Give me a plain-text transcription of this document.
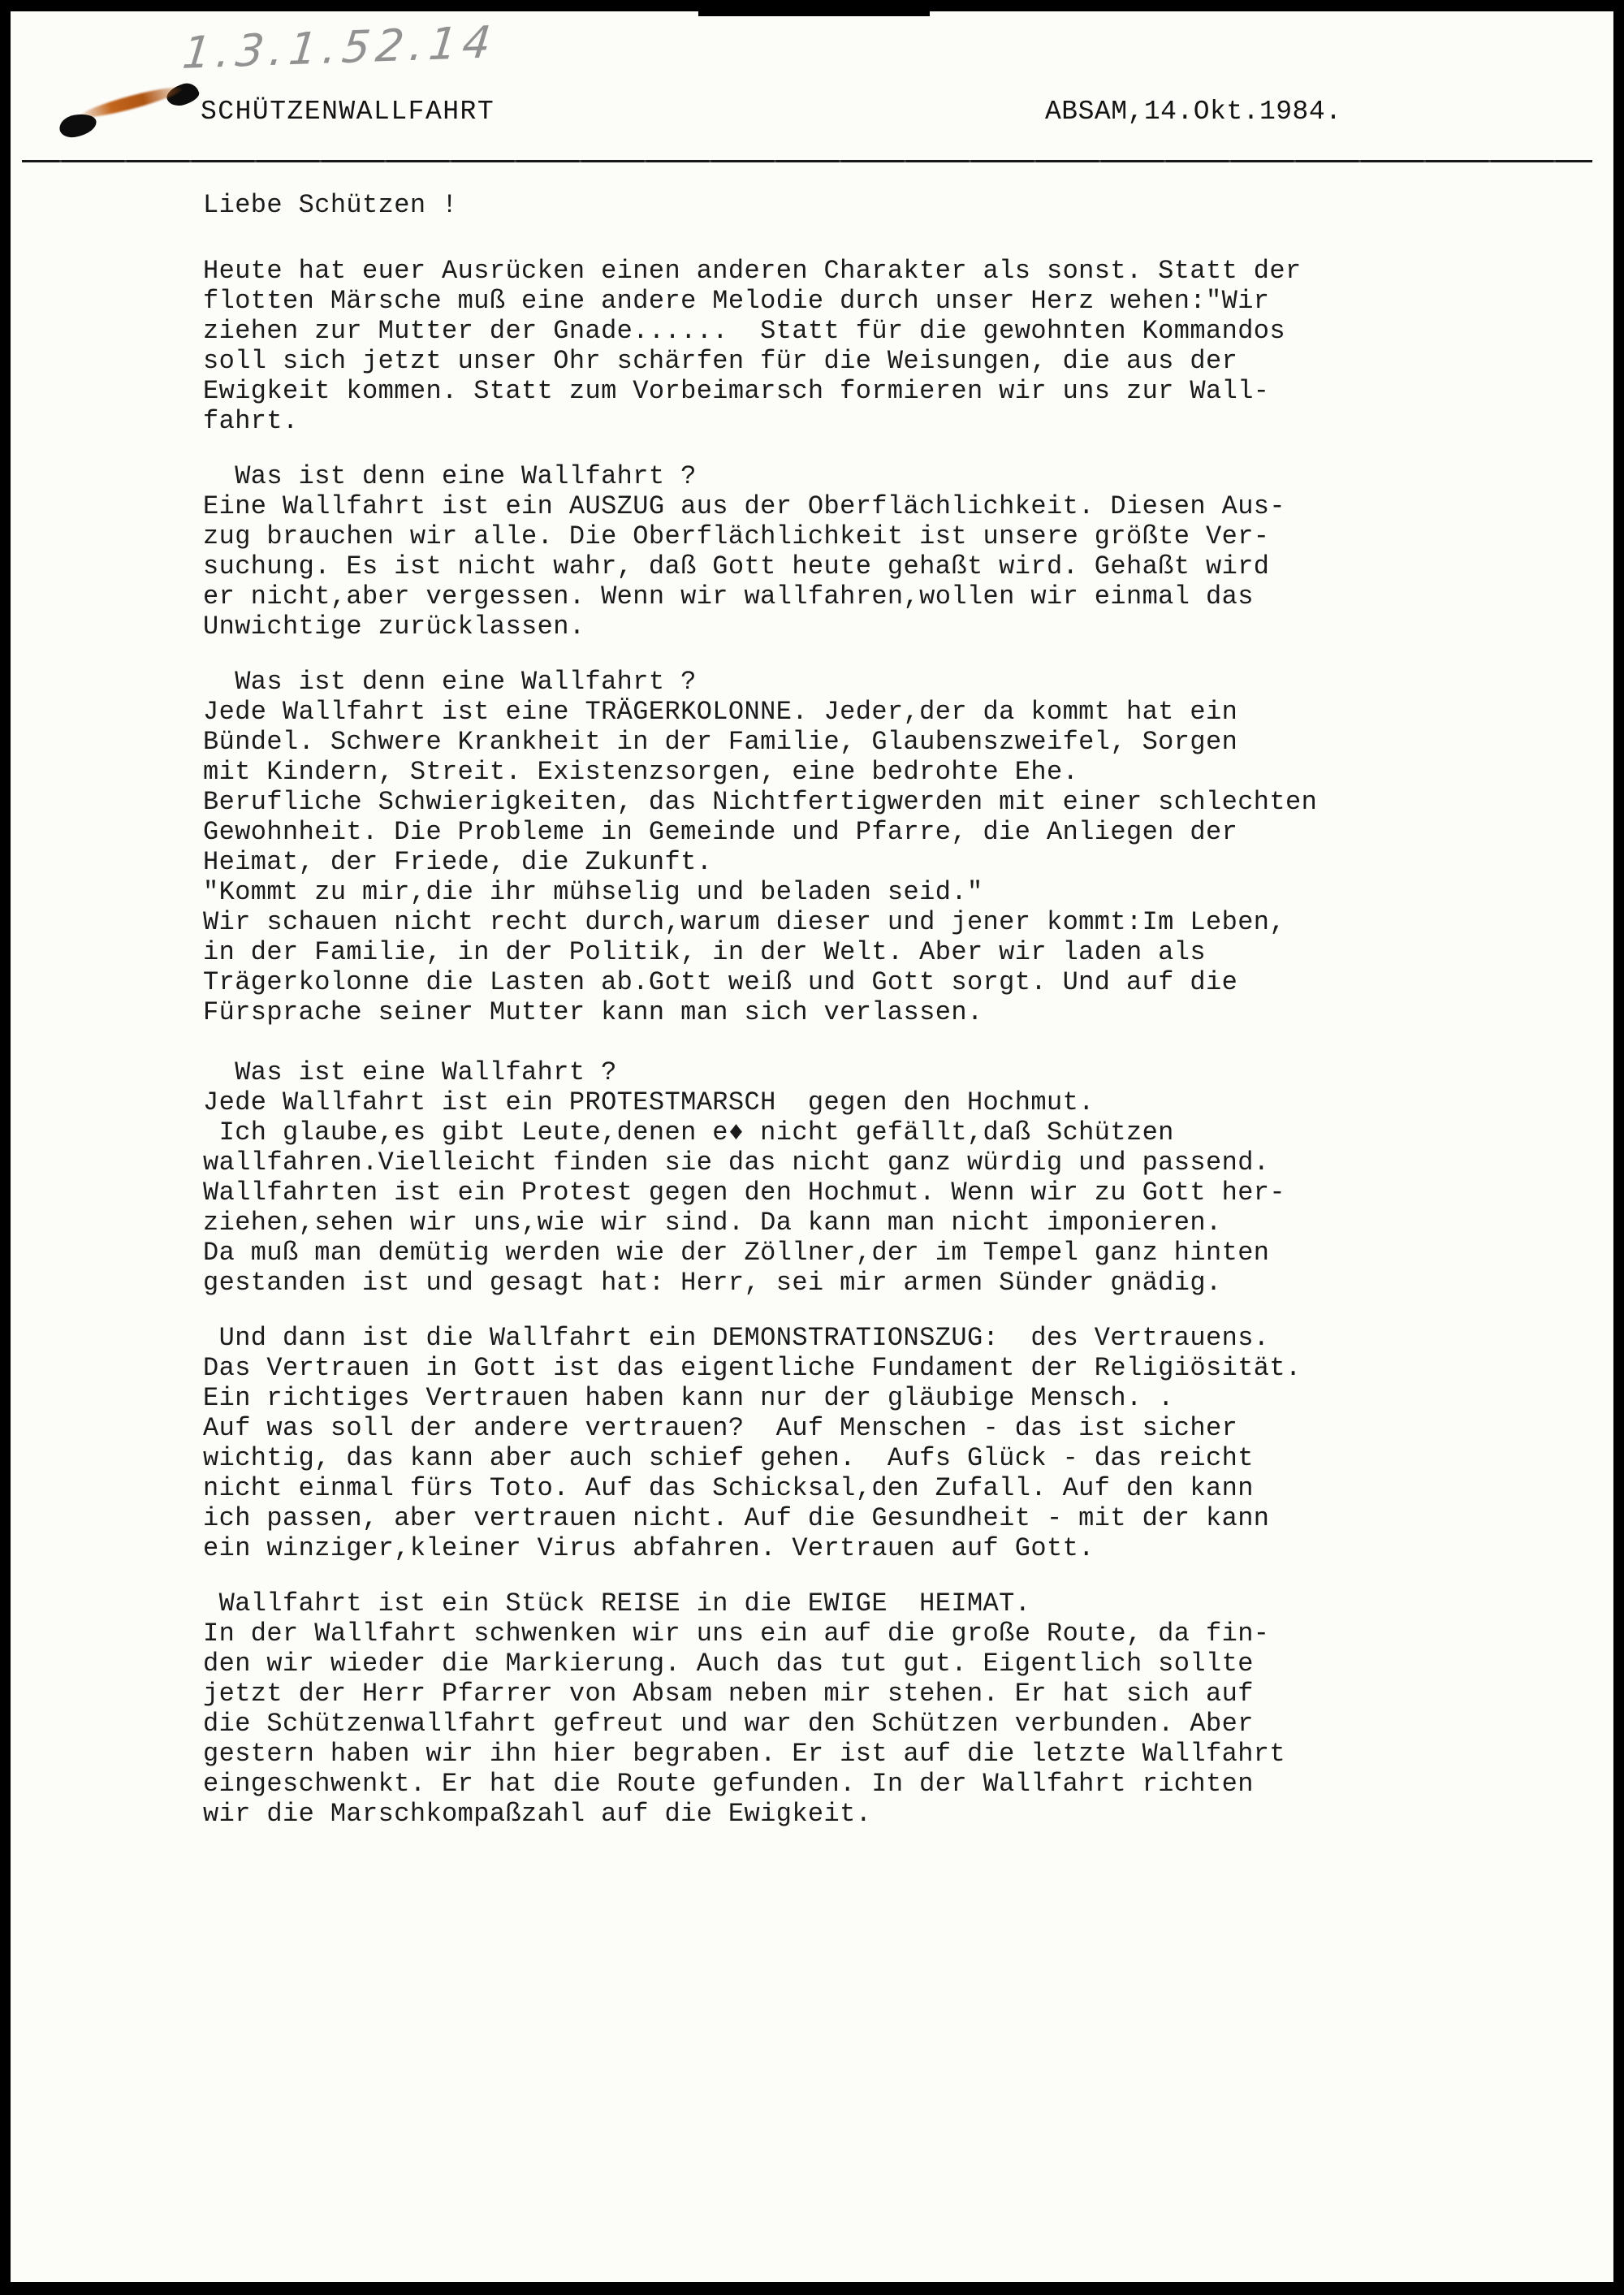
1.3.1.52.14
SCHÜTZENWALLFAHRT	ABSAM,14.Okt.1984.
Liebe Schützen !
Heute hat euer Ausrücken einen anderen Charakter als sonst. Statt der
flotten Märsche muß eine andere Melodie durch unser Herz wehen:"Wir
ziehen zur Mutter der Gnade......  Statt für die gewohnten Kommandos
soll sich jetzt unser Ohr schärfen für die Weisungen, die aus der
Ewigkeit kommen. Statt zum Vorbeimarsch formieren wir uns zur Wall-
fahrt.
Was ist denn eine Wallfahrt ?
Eine Wallfahrt ist ein AUSZUG aus der Oberflächlichkeit. Diesen Aus-
zug brauchen wir alle. Die Oberflächlichkeit ist unsere größte Ver-
suchung. Es ist nicht wahr, daß Gott heute gehaßt wird. Gehaßt wird
er nicht,aber vergessen. Wenn wir wallfahren,wollen wir einmal das
Unwichtige zurücklassen.
Was ist denn eine Wallfahrt ?
Jede Wallfahrt ist eine TRÄGERKOLONNE. Jeder,der da kommt hat ein
Bündel. Schwere Krankheit in der Familie, Glaubenszweifel, Sorgen
mit Kindern, Streit. Existenzsorgen, eine bedrohte Ehe.
Berufliche Schwierigkeiten, das Nichtfertigwerden mit einer schlechten
Gewohnheit. Die Probleme in Gemeinde und Pfarre, die Anliegen der
Heimat, der Friede, die Zukunft.
"Kommt zu mir,die ihr mühselig und beladen seid."
Wir schauen nicht recht durch,warum dieser und jener kommt:Im Leben,
in der Familie, in der Politik, in der Welt. Aber wir laden als
Trägerkolonne die Lasten ab.Gott weiß und Gott sorgt. Und auf die
Fürsprache seiner Mutter kann man sich verlassen.
Was ist eine Wallfahrt ?
Jede Wallfahrt ist ein PROTESTMARSCH  gegen den Hochmut.
Ich glaube,es gibt Leute,denen e♦ nicht gefällt,daß Schützen
wallfahren.Vielleicht finden sie das nicht ganz würdig und passend.
Wallfahrten ist ein Protest gegen den Hochmut. Wenn wir zu Gott her-
ziehen,sehen wir uns,wie wir sind. Da kann man nicht imponieren.
Da muß man demütig werden wie der Zöllner,der im Tempel ganz hinten
gestanden ist und gesagt hat: Herr, sei mir armen Sünder gnädig.
Und dann ist die Wallfahrt ein DEMONSTRATIONSZUG:  des Vertrauens.
Das Vertrauen in Gott ist das eigentliche Fundament der Religiösität.
Ein richtiges Vertrauen haben kann nur der gläubige Mensch. .
Auf was soll der andere vertrauen?  Auf Menschen - das ist sicher
wichtig, das kann aber auch schief gehen.  Aufs Glück - das reicht
nicht einmal fürs Toto. Auf das Schicksal,den Zufall. Auf den kann
ich passen, aber vertrauen nicht. Auf die Gesundheit - mit der kann
ein winziger,kleiner Virus abfahren. Vertrauen auf Gott.
Wallfahrt ist ein Stück REISE in die EWIGE  HEIMAT.
In der Wallfahrt schwenken wir uns ein auf die große Route, da fin-
den wir wieder die Markierung. Auch das tut gut. Eigentlich sollte
jetzt der Herr Pfarrer von Absam neben mir stehen. Er hat sich auf
die Schützenwallfahrt gefreut und war den Schützen verbunden. Aber
gestern haben wir ihn hier begraben. Er ist auf die letzte Wallfahrt
eingeschwenkt. Er hat die Route gefunden. In der Wallfahrt richten
wir die Marschkompaßzahl auf die Ewigkeit.
